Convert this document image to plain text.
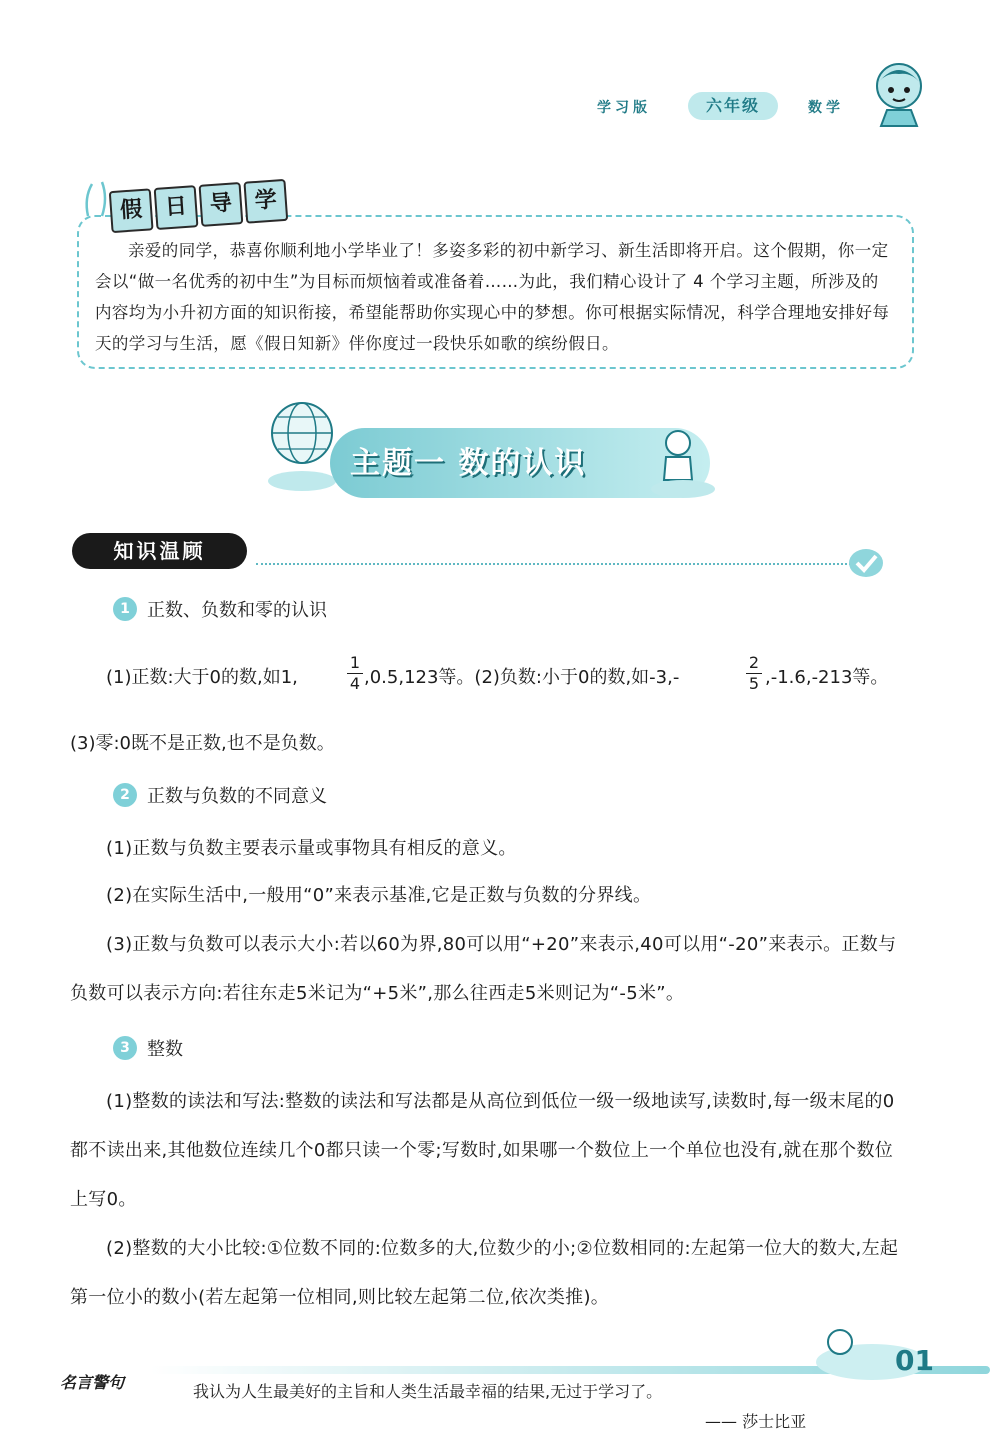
学习版	六年级	数学
假 日 导 学
亲爱的同学，恭喜你顺利地小学毕业了！多姿多彩的初中新学习、新生活即将开启。这个假期，你一定会以“做一名优秀的初中生”为目标而烦恼着或准备着……为此，我们精心设计了 4 个学习主题，所涉及的内容均为小升初方面的知识衔接，希望能帮助你实现心中的梦想。你可根据实际情况，科学合理地安排好每天的学习与生活，愿《假日知新》伴你度过一段快乐如歌的缤纷假日。
主题一 数的认识
知识温顾
1 正数、负数和零的认识
(1)正数:大于0的数,如1,
1
4 ,0.5,123等。(2)负数:小于0的数,如-3,-
2
5 ,-1.6,-213等。
(3)零:0既不是正数,也不是负数。
2 正数与负数的不同意义
(1)正数与负数主要表示量或事物具有相反的意义。
(2)在实际生活中,一般用“0”来表示基准,它是正数与负数的分界线。
(3)正数与负数可以表示大小:若以60为界,80可以用“+20”来表示,40可以用“-20”来表示。正数与负数可以表示方向:若往东走5米记为“+5米”,那么往西走5米则记为“-5米”。
3 整数
(1)整数的读法和写法:整数的读法和写法都是从高位到低位一级一级地读写,读数时,每一级末尾的0都不读出来,其他数位连续几个0都只读一个零;写数时,如果哪一个数位上一个单位也没有,就在那个数位上写0。
(2)整数的大小比较:①位数不同的:位数多的大,位数少的小;②位数相同的:左起第一位大的数大,左起第一位小的数小(若左起第一位相同,则比较左起第二位,依次类推)。
01
名言警句	我认为人生最美好的主旨和人类生活最幸福的结果,无过于学习了。
—— 莎士比亚
